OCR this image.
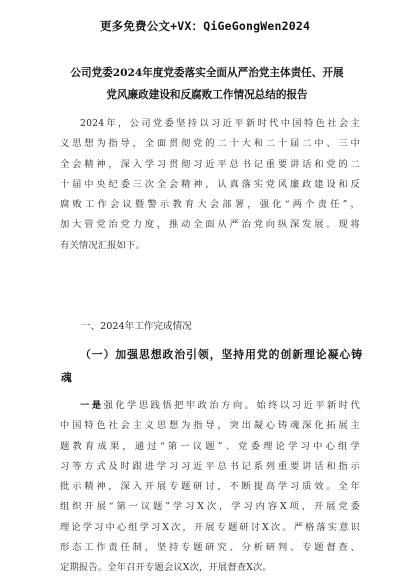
更多免费公文+VX：QiGeGongWen2024
公司党委2024年度党委落实全面从严治党主体责任、开展
党风廉政建设和反腐败工作情况总结的报告
2024年，公司党委坚持以习近平新时代中国特色社会主
义思想为指导，全面贯彻党的二十大和二十届二中、三中
全会精神，深入学习贯彻习近平总书记重要讲话和党的二
十届中央纪委三次全会精神，认真落实党风廉政建设和反
腐败工作会议暨警示教育大会部署，强化“两个责任”，
加大管党治党力度，推动全面从严治党向纵深发展。现将
有关情况汇报如下。
一、2024年工作完成情况
（一）加强思想政治引领，坚持用党的创新理论凝心铸
魂
一是强化学思践悟把牢政治方向。始终以习近平新时代
中国特色社会主义思想为指导，突出凝心铸魂深化拓展主
题教育成果，通过“第一议题”、党委理论学习中心组学
习等方式及时跟进学习习近平总书记系列重要讲话和指示
批示精神，深入开展专题研讨，不断提高学习质效。全年
组织开展“第一议题”学习X次，学习内容X项，开展党委
理论学习中心组学习X次，开展专题研讨X次。严格落实意识
形态工作责任制，坚持专题研究、分析研判、专题督查、
定期报告。全年召开专题会议X次，开展督查X次。
